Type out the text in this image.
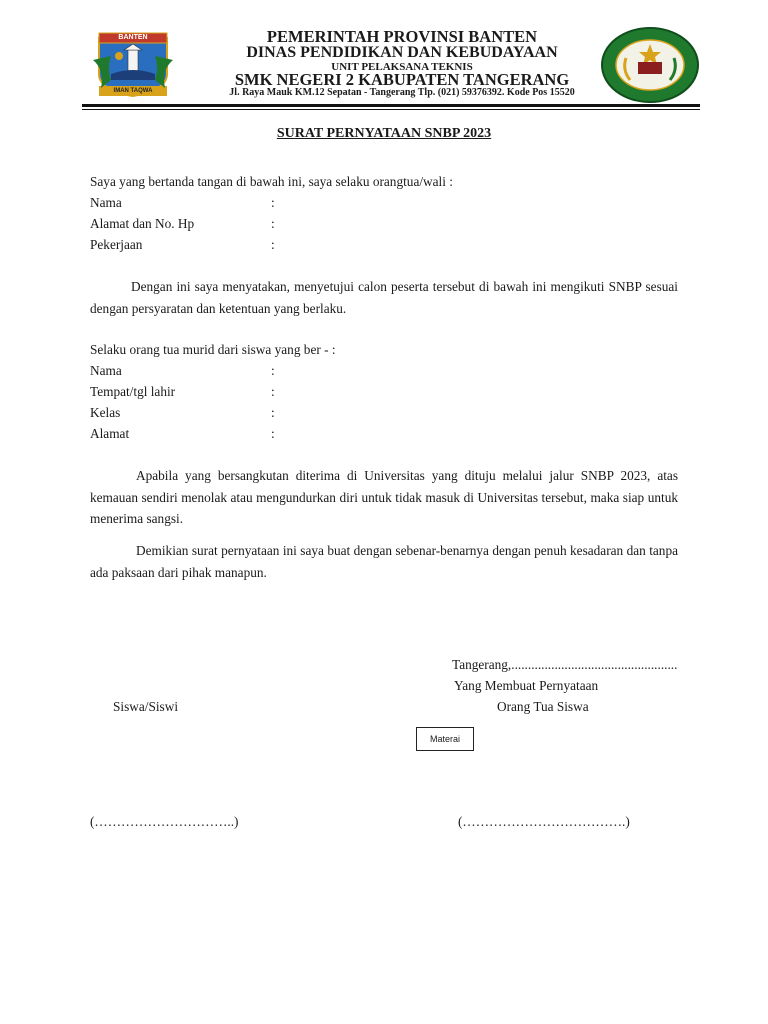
BANTEN
IMAN TAQWA
PEMERINTAH PROVINSI BANTEN
DINAS PENDIDIKAN DAN KEBUDAYAAN
UNIT PELAKSANA TEKNIS
SMK NEGERI 2 KABUPATEN TANGERANG
Jl. Raya Mauk KM.12 Sepatan - Tangerang Tlp. (021) 59376392. Kode Pos 15520
SURAT PERNYATAAN SNBP 2023
Saya yang bertanda tangan di bawah ini, saya selaku orangtua/wali :
Nama	:
Alamat dan No. Hp	:
Pekerjaan	:
Dengan ini saya menyatakan, menyetujui calon peserta tersebut di bawah ini mengikuti SNBP sesuai dengan persyaratan dan ketentuan yang berlaku.
Selaku orang tua murid dari siswa yang ber - :
Nama	:
Tempat/tgl lahir	:
Kelas	:
Alamat	:
Apabila yang bersangkutan diterima di Universitas yang dituju melalui jalur SNBP 2023, atas kemauan sendiri menolak atau mengundurkan diri untuk tidak masuk di Universitas tersebut, maka siap untuk menerima sangsi.
Demikian surat pernyataan ini saya buat dengan sebenar-benarnya dengan penuh kesadaran dan tanpa ada paksaan dari pihak manapun.
Tangerang,..................................................
Yang Membuat Pernyataan
Siswa/Siswi	Orang Tua Siswa
Materai
(…………………………..)	(……………………………….)
